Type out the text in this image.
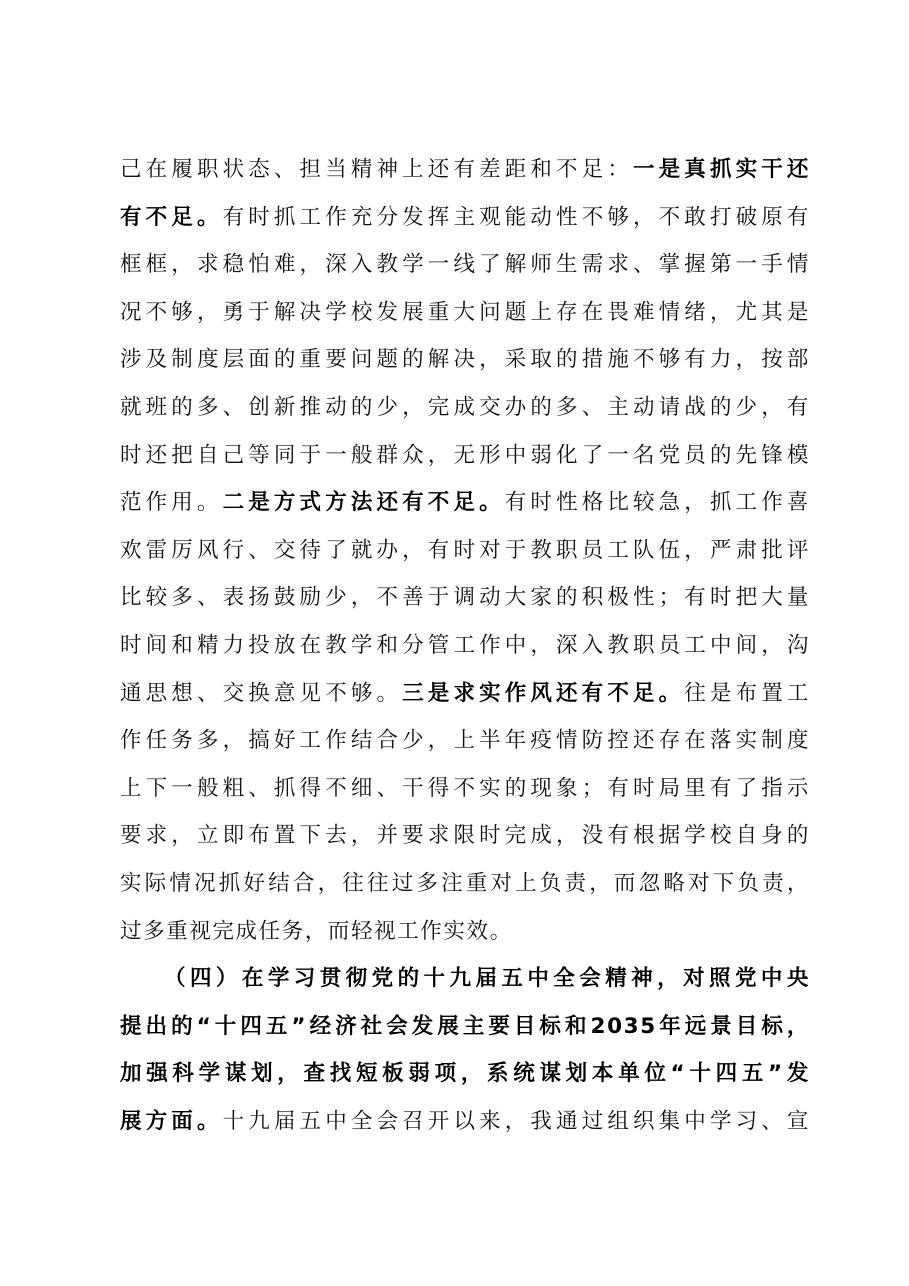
己在履职状态、担当精神上还有差距和不足：一是真抓实干还
有不足。有时抓工作充分发挥主观能动性不够，不敢打破原有
框框，求稳怕难，深入教学一线了解师生需求、掌握第一手情
况不够，勇于解决学校发展重大问题上存在畏难情绪，尤其是
涉及制度层面的重要问题的解决，采取的措施不够有力，按部
就班的多、创新推动的少，完成交办的多、主动请战的少，有
时还把自己等同于一般群众，无形中弱化了一名党员的先锋模
范作用。二是方式方法还有不足。有时性格比较急，抓工作喜
欢雷厉风行、交待了就办，有时对于教职员工队伍，严肃批评
比较多、表扬鼓励少，不善于调动大家的积极性；有时把大量
时间和精力投放在教学和分管工作中，深入教职员工中间，沟
通思想、交换意见不够。三是求实作风还有不足。往是布置工
作任务多，搞好工作结合少，上半年疫情防控还存在落实制度
上下一般粗、抓得不细、干得不实的现象；有时局里有了指示
要求，立即布置下去，并要求限时完成，没有根据学校自身的
实际情况抓好结合，往往过多注重对上负责，而忽略对下负责，
过多重视完成任务，而轻视工作实效。
（四）在学习贯彻党的十九届五中全会精神，对照党中央
提出的“十四五”经济社会发展主要目标和2035年远景目标，
加强科学谋划，查找短板弱项，系统谋划本单位“十四五”发
展方面。十九届五中全会召开以来，我通过组织集中学习、宣
